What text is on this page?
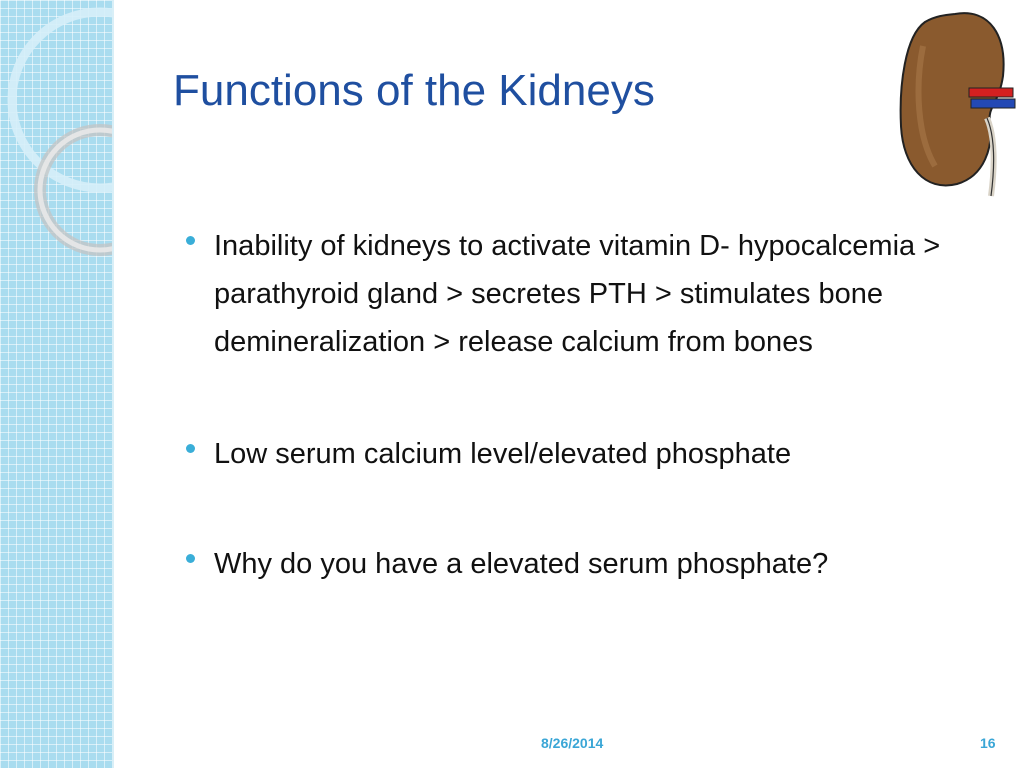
Functions of the Kidneys
Inability of kidneys to activate vitamin D- hypocalcemia > parathyroid gland > secretes PTH > stimulates bone demineralization > release calcium from bones
Low serum calcium level/elevated phosphate
Why do you have a elevated serum phosphate?
8/26/2014	16
